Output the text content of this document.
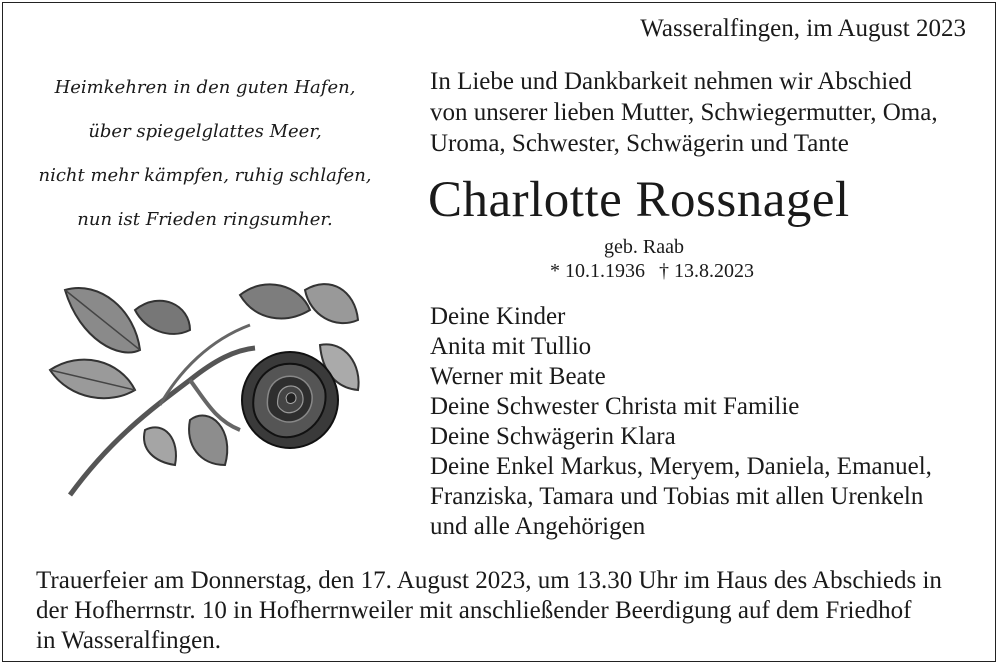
Wasseralfingen, im August 2023
Heimkehren in den guten Hafen,
über spiegelglattes Meer,
nicht mehr kämpfen, ruhig schlafen,
nun ist Frieden ringsumher.
In Liebe und Dankbarkeit nehmen wir Abschied
von unserer lieben Mutter, Schwiegermutter, Oma,
Uroma, Schwester, Schwägerin und Tante
Charlotte Rossnagel
geb. Raab
* 10.1.1936 † 13.8.2023
Deine Kinder
Anita mit Tullio
Werner mit Beate
Deine Schwester Christa mit Familie
Deine Schwägerin Klara
Deine Enkel Markus, Meryem, Daniela, Emanuel,
Franziska, Tamara und Tobias mit allen Urenkeln
und alle Angehörigen
Trauerfeier am Donnerstag, den 17. August 2023, um 13.30 Uhr im Haus des Abschieds in
der Hofherrnstr. 10 in Hofherrnweiler mit anschließender Beerdigung auf dem Friedhof
in Wasseralfingen.
